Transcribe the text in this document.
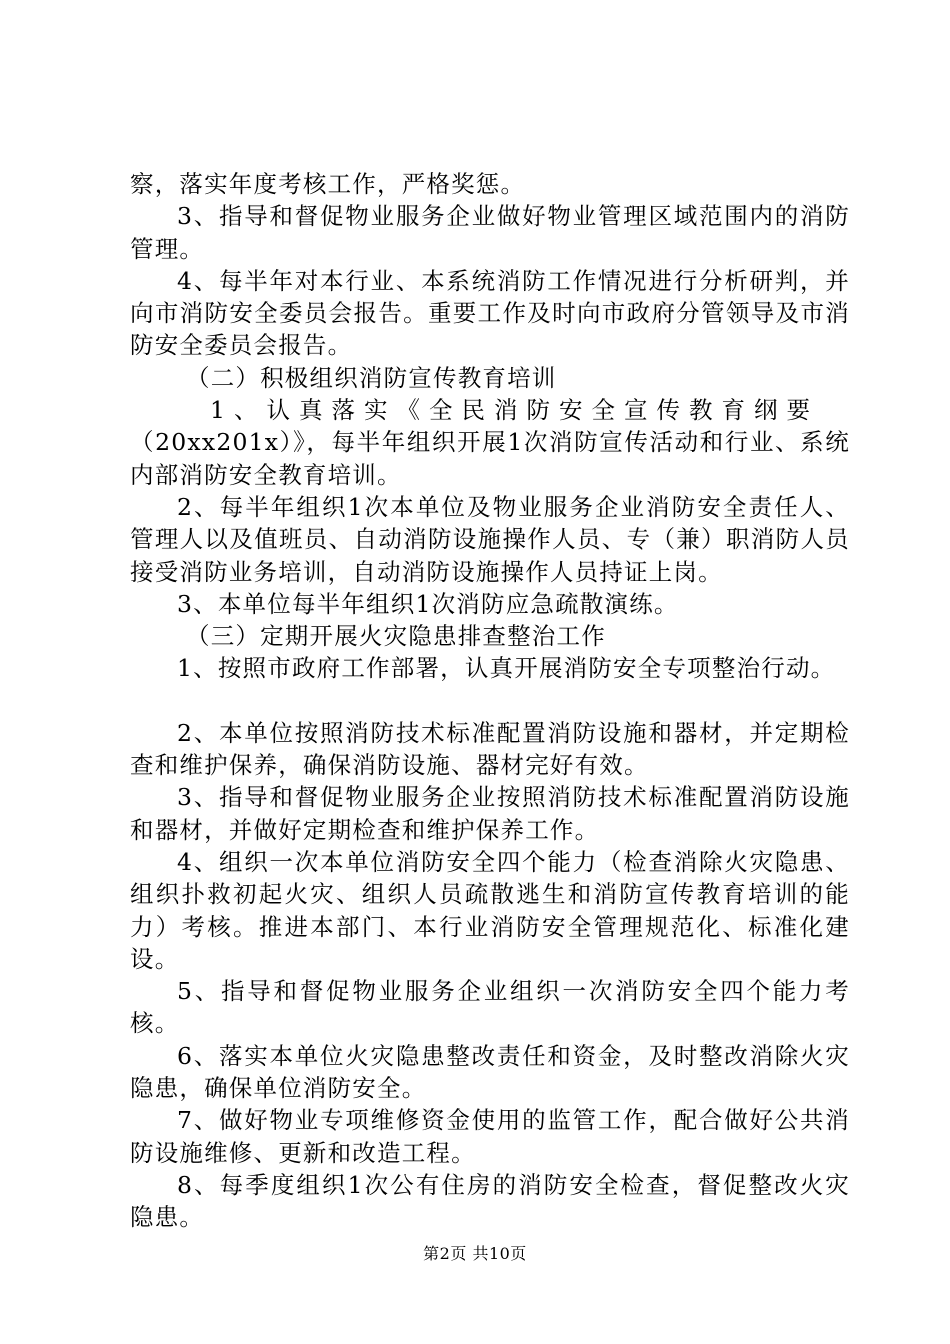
察，落实年度考核工作，严格奖惩。

3、指导和督促物业服务企业做好物业管理区域范围内的消防管理。

4、每半年对本行业、本系统消防工作情况进行分析研判，并向市消防安全委员会报告。重要工作及时向市政府分管领导及市消防安全委员会报告。

（二）积极组织消防宣传教育培训

1、认真落实《全民消防安全宣传教育纲要

（20xx201x）》，每半年组织开展1次消防宣传活动和行业、系统内部消防安全教育培训。

2、每半年组织1次本单位及物业服务企业消防安全责任人、管理人以及值班员、自动消防设施操作人员、专（兼）职消防人员接受消防业务培训，自动消防设施操作人员持证上岗。

3、本单位每半年组织1次消防应急疏散演练。

（三）定期开展火灾隐患排查整治工作

1、按照市政府工作部署，认真开展消防安全专项整治行动。

2、本单位按照消防技术标准配置消防设施和器材，并定期检查和维护保养，确保消防设施、器材完好有效。

3、指导和督促物业服务企业按照消防技术标准配置消防设施和器材，并做好定期检查和维护保养工作。

4、组织一次本单位消防安全四个能力（检查消除火灾隐患、组织扑救初起火灾、组织人员疏散逃生和消防宣传教育培训的能力）考核。推进本部门、本行业消防安全管理规范化、标准化建设。

5、指导和督促物业服务企业组织一次消防安全四个能力考核。

6、落实本单位火灾隐患整改责任和资金，及时整改消除火灾隐患，确保单位消防安全。

7、做好物业专项维修资金使用的监管工作，配合做好公共消防设施维修、更新和改造工程。

8、每季度组织1次公有住房的消防安全检查，督促整改火灾隐患。

第2页 共10页
